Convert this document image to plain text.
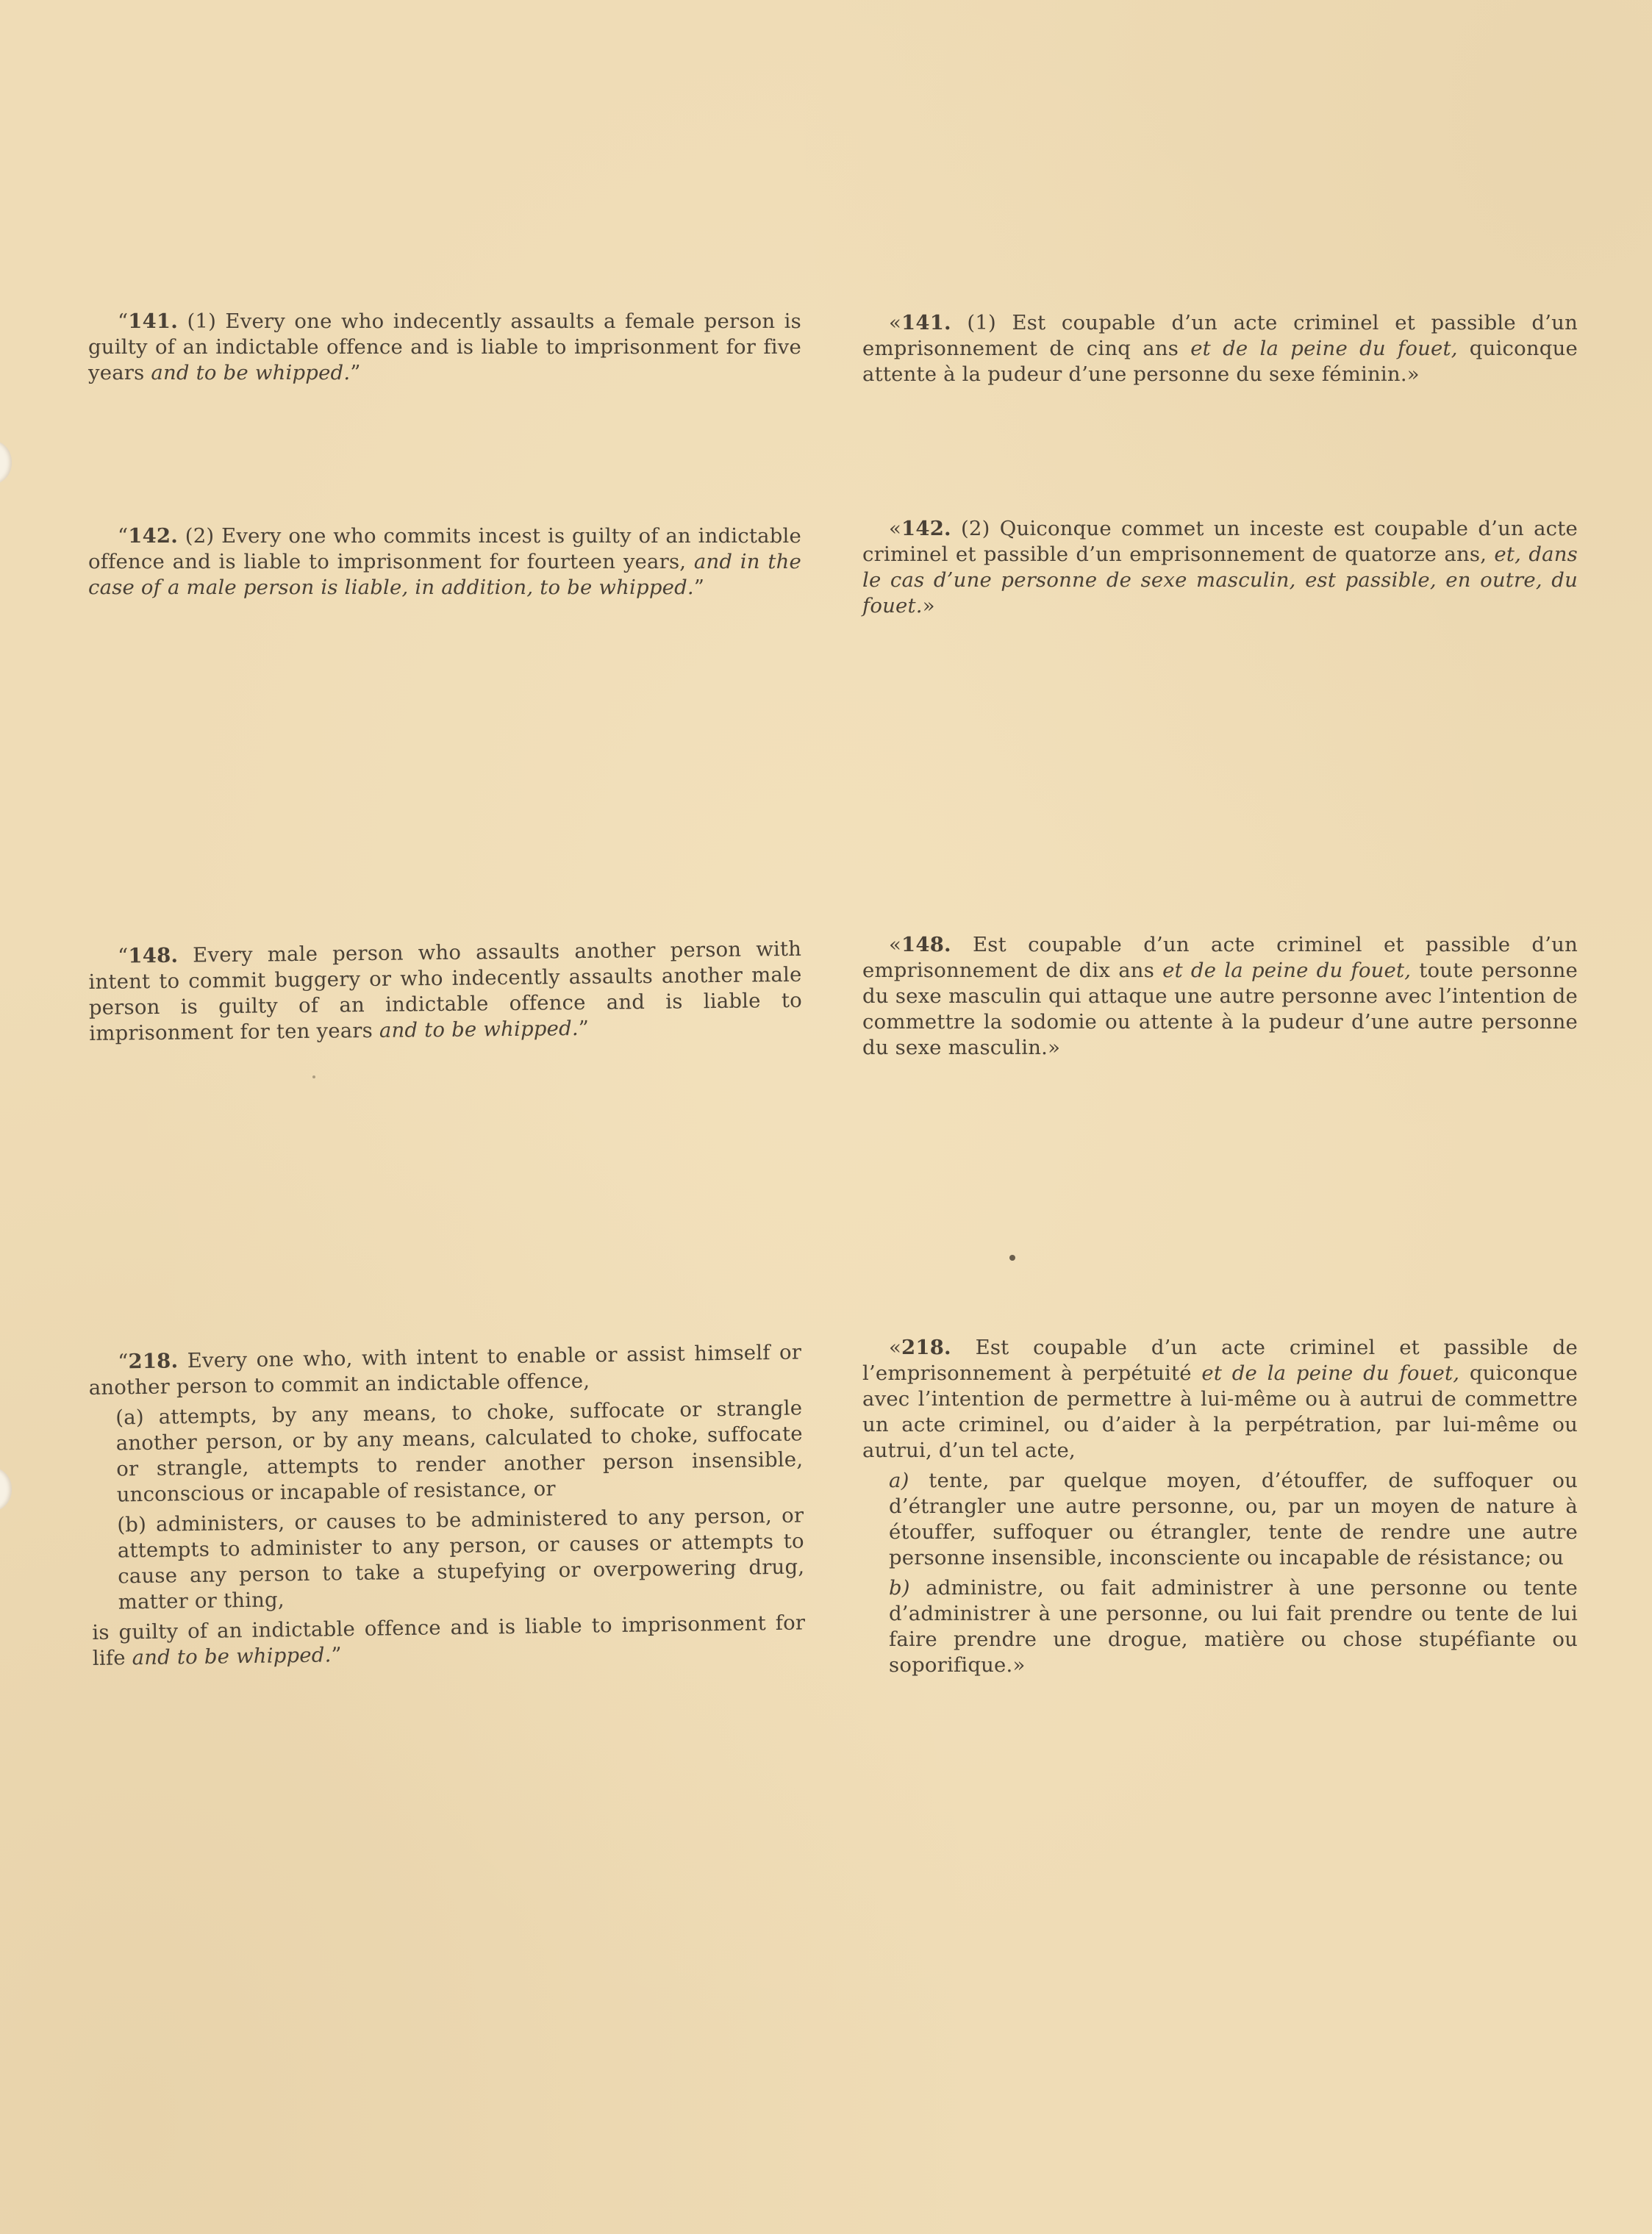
“141. (1) Every one who indecently assaults a female person is guilty of an indictable offence and is liable to imprisonment for five years and to be whipped.”

“142. (2) Every one who commits incest is guilty of an indictable offence and is liable to imprisonment for fourteen years, and in the case of a male person is liable, in addition, to be whipped.”

“148. Every male person who assaults another person with intent to commit buggery or who indecently assaults another male person is guilty of an indictable offence and is liable to imprisonment for ten years and to be whipped.”

“218. Every one who, with intent to enable or assist himself or another person to commit an indictable offence,

(a) attempts, by any means, to choke, suffocate or strangle another person, or by any means, calculated to choke, suffocate or strangle, attempts to render another person insensible, unconscious or incapable of resistance, or

(b) administers, or causes to be administered to any person, or attempts to administer to any person, or causes or attempts to cause any person to take a stupefying or overpowering drug, matter or thing,

is guilty of an indictable offence and is liable to imprisonment for life and to be whipped.”

«141. (1) Est coupable d’un acte criminel et passible d’un emprisonnement de cinq ans et de la peine du fouet, quiconque attente à la pudeur d’une personne du sexe féminin.»

«142. (2) Quiconque commet un inceste est coupable d’un acte criminel et passible d’un emprisonnement de quatorze ans, et, dans le cas d’une personne de sexe masculin, est passible, en outre, du fouet.»

«148. Est coupable d’un acte criminel et passible d’un emprisonnement de dix ans et de la peine du fouet, toute personne du sexe masculin qui attaque une autre personne avec l’intention de commettre la sodomie ou attente à la pudeur d’une autre personne du sexe masculin.»

«218. Est coupable d’un acte criminel et passible de l’emprisonnement à perpétuité et de la peine du fouet, quiconque avec l’intention de permettre à lui-même ou à autrui de commettre un acte criminel, ou d’aider à la perpétration, par lui-même ou autrui, d’un tel acte,

a) tente, par quelque moyen, d’étouffer, de suffoquer ou d’étrangler une autre personne, ou, par un moyen de nature à étouffer, suffoquer ou étrangler, tente de rendre une autre personne insensible, inconsciente ou incapable de résistance; ou

b) administre, ou fait administrer à une personne ou tente d’administrer à une personne, ou lui fait prendre ou tente de lui faire prendre une drogue, matière ou chose stupéfiante ou soporifique.»
